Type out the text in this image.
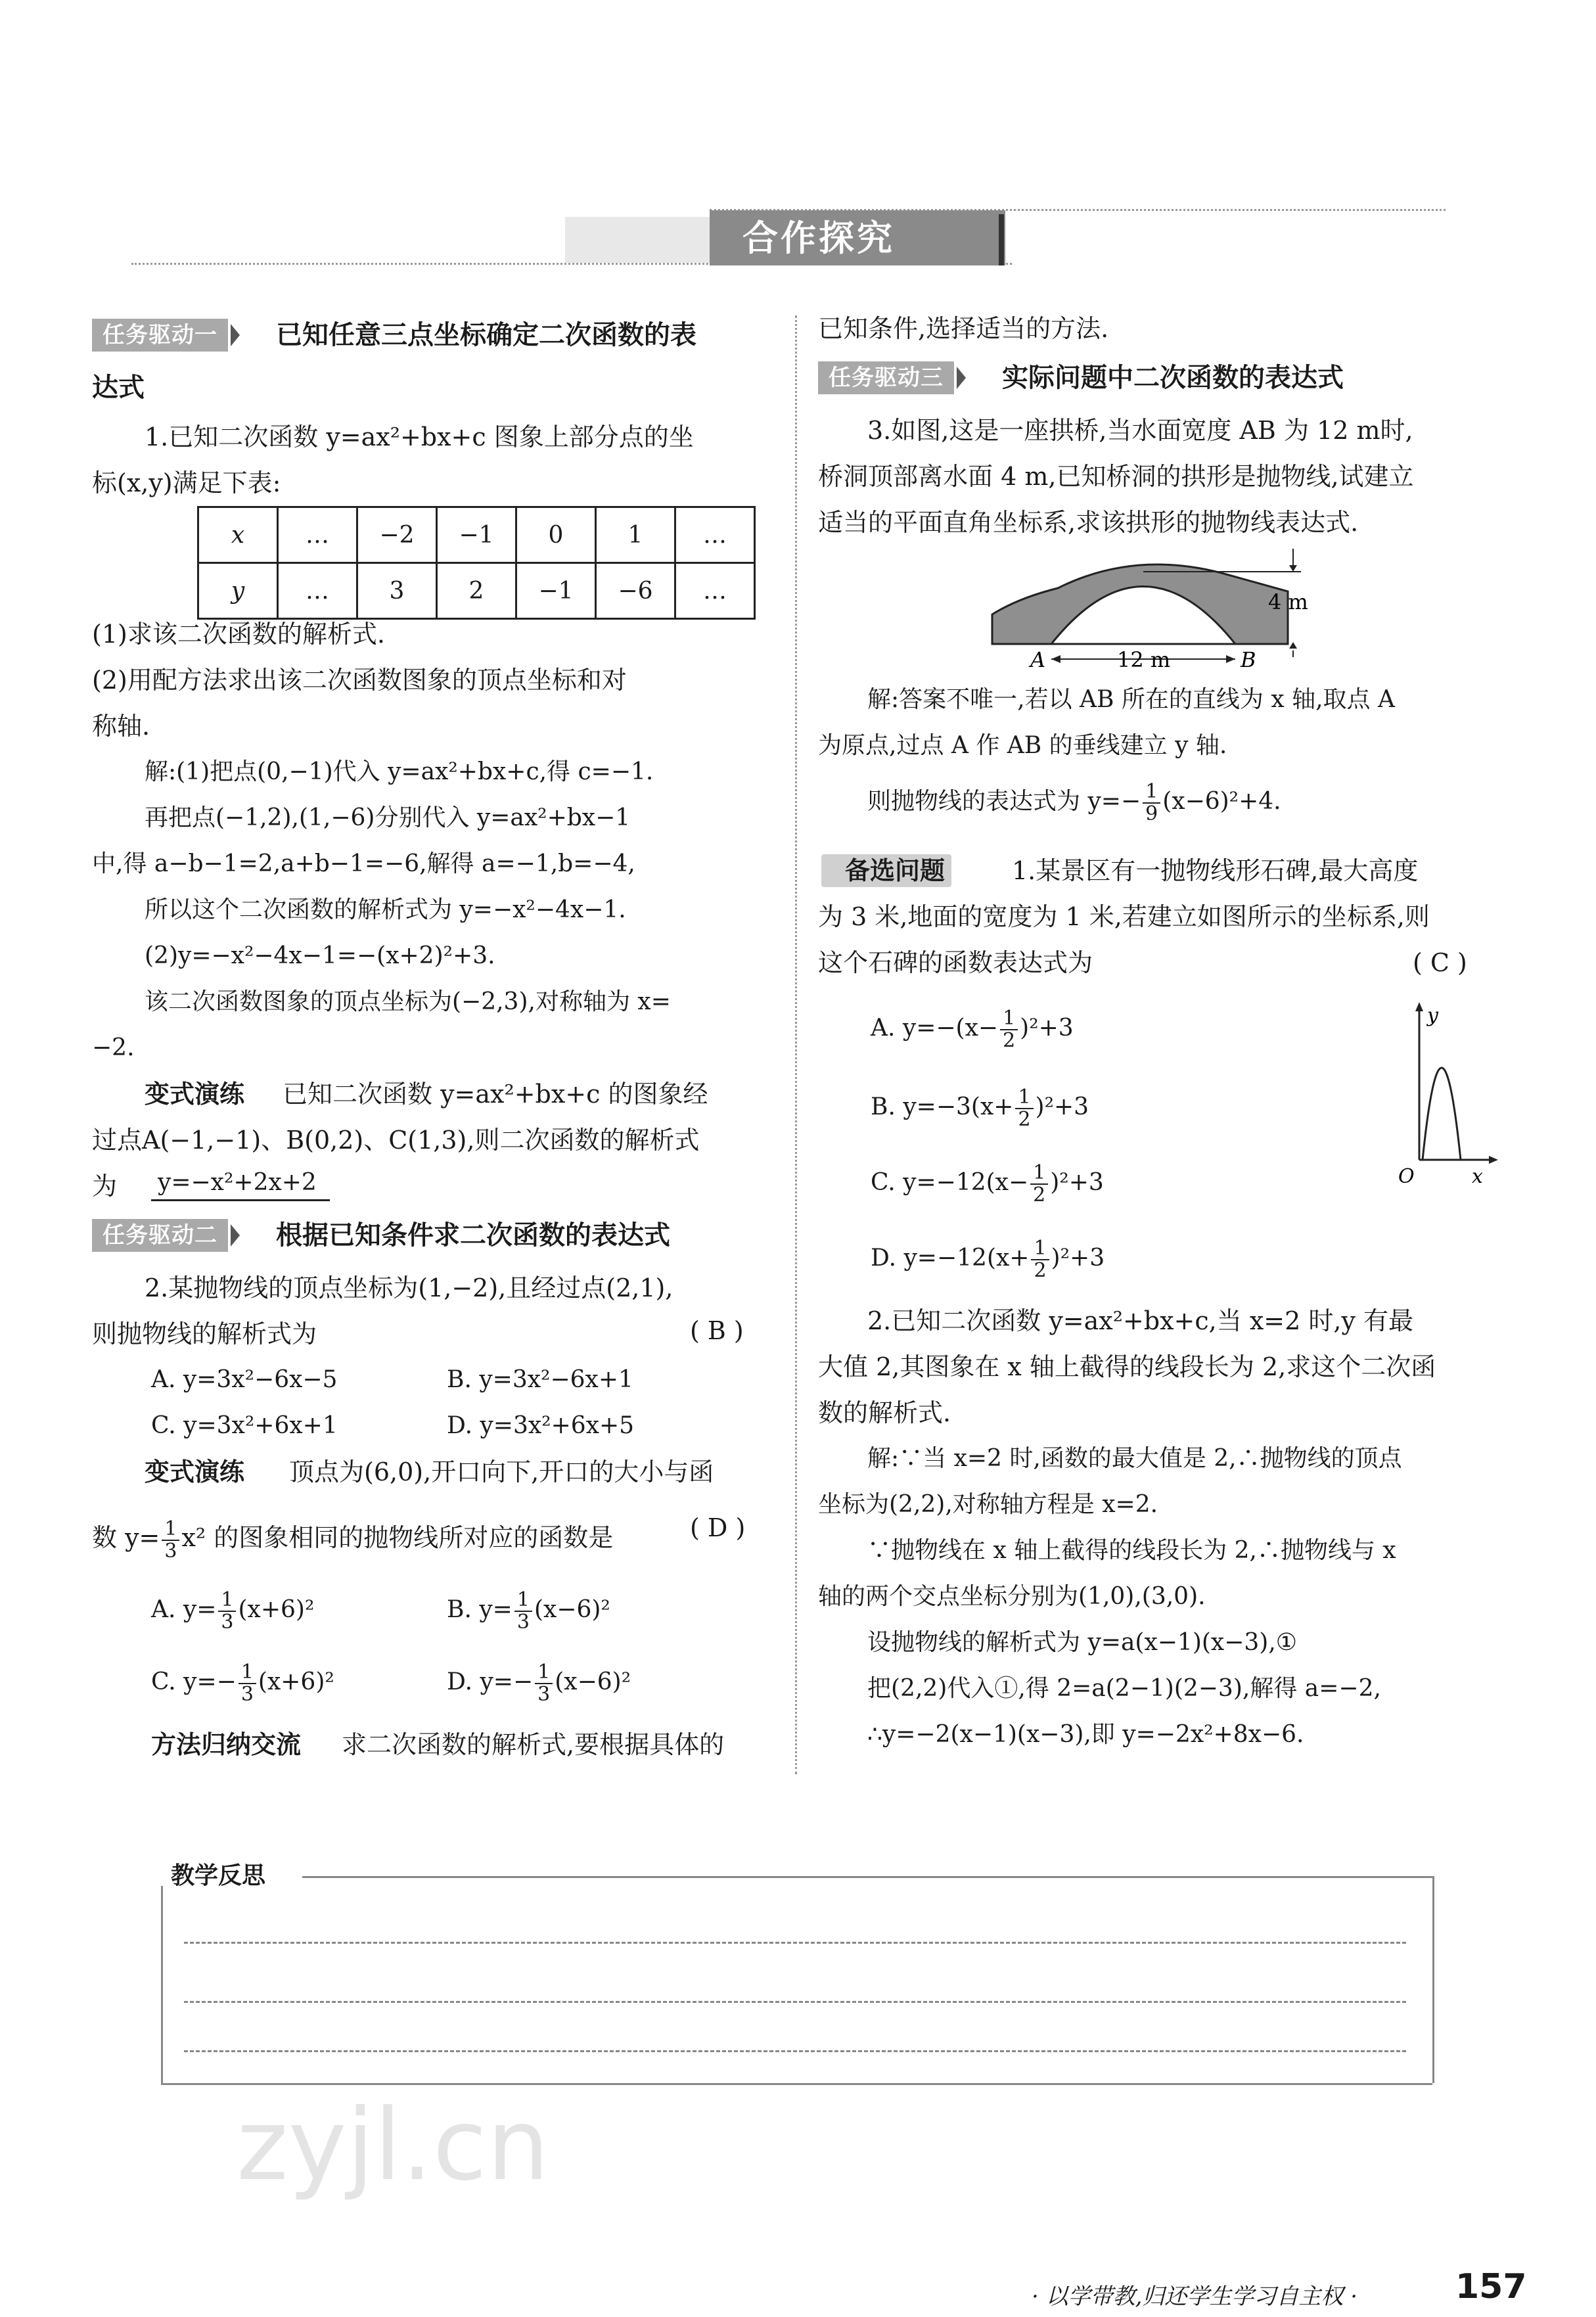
合作探究
任务驱动一	已知任意三点坐标确定二次函数的表
达式
1.已知二次函数 y=ax²+bx+c 图象上部分点的坐
标(x,y)满足下表:
x	…	−2	−1	0	1	…
y	…	3	2	−1	−6	…
(1)求该二次函数的解析式.
(2)用配方法求出该二次函数图象的顶点坐标和对
称轴.
解:(1)把点(0,−1)代入 y=ax²+bx+c,得 c=−1.
再把点(−1,2),(1,−6)分别代入 y=ax²+bx−1
中,得 a−b−1=2,a+b−1=−6,解得 a=−1,b=−4,
所以这个二次函数的解析式为 y=−x²−4x−1.
(2)y=−x²−4x−1=−(x+2)²+3.
该二次函数图象的顶点坐标为(−2,3),对称轴为 x=
−2.
变式演练 已知二次函数 y=ax²+bx+c 的图象经
过点A(−1,−1)、B(0,2)、C(1,3),则二次函数的解析式
为 y=−x²+2x+2
任务驱动二	根据已知条件求二次函数的表达式
2.某抛物线的顶点坐标为(1,−2),且经过点(2,1),
则抛物线的解析式为	( B )
A. y=3x²−6x−5	B. y=3x²−6x+1
C. y=3x²+6x+1	D. y=3x²+6x+5
变式演练 顶点为(6,0),开口向下,开口的大小与函
数 $y= \frac{1}{3} x^2$ 的图象相同的抛物线所对应的函数是	( D )
A. $y= \frac{1}{3} (x+6)^2$	B. $y= \frac{1}{3} (x-6)^2$
C. $y=- \frac{1}{3} (x+6)^2$	D. $y=- \frac{1}{3} (x-6)^2$
方法归纳交流 求二次函数的解析式,要根据具体的
已知条件,选择适当的方法.
任务驱动三	实际问题中二次函数的表达式
3.如图,这是一座拱桥,当水面宽度 AB 为 12 m时,
桥洞顶部离水面 4 m,已知桥洞的拱形是抛物线,试建立
适当的平面直角坐标系,求该拱形的抛物线表达式.
4 m
12 m
A	B
解:答案不唯一,若以 AB 所在的直线为 x 轴,取点 A
为原点,过点 A 作 AB 的垂线建立 y 轴.
则抛物线的表达式为 $y=- \frac{1}{9} (x-6)^2+4$.
备选问题	1.某景区有一抛物线形石碑,最大高度
为 3 米,地面的宽度为 1 米,若建立如图所示的坐标系,则
这个石碑的函数表达式为	( C )
A. $y=-(x- \frac{1}{2} )^2+3$
B. $y=-3(x+ \frac{1}{2} )^2+3$
C. $y=-12(x- \frac{1}{2} )^2+3$
D. $y=-12(x+ \frac{1}{2} )^2+3$
y
x
O
2.已知二次函数 y=ax²+bx+c,当 x=2 时,y 有最
大值 2,其图象在 x 轴上截得的线段长为 2,求这个二次函
数的解析式.
解:∵当 x=2 时,函数的最大值是 2,∴抛物线的顶点
坐标为(2,2),对称轴方程是 x=2.
∵抛物线在 x 轴上截得的线段长为 2,∴抛物线与 x
轴的两个交点坐标分别为(1,0),(3,0).
设抛物线的解析式为 y=a(x−1)(x−3),①
把(2,2)代入①,得 2=a(2−1)(2−3),解得 a=−2,
∴y=−2(x−1)(x−3),即 y=−2x²+8x−6.
教学反思
zyjl.cn
· 以学带教,归还学生学习自主权 ·	157
